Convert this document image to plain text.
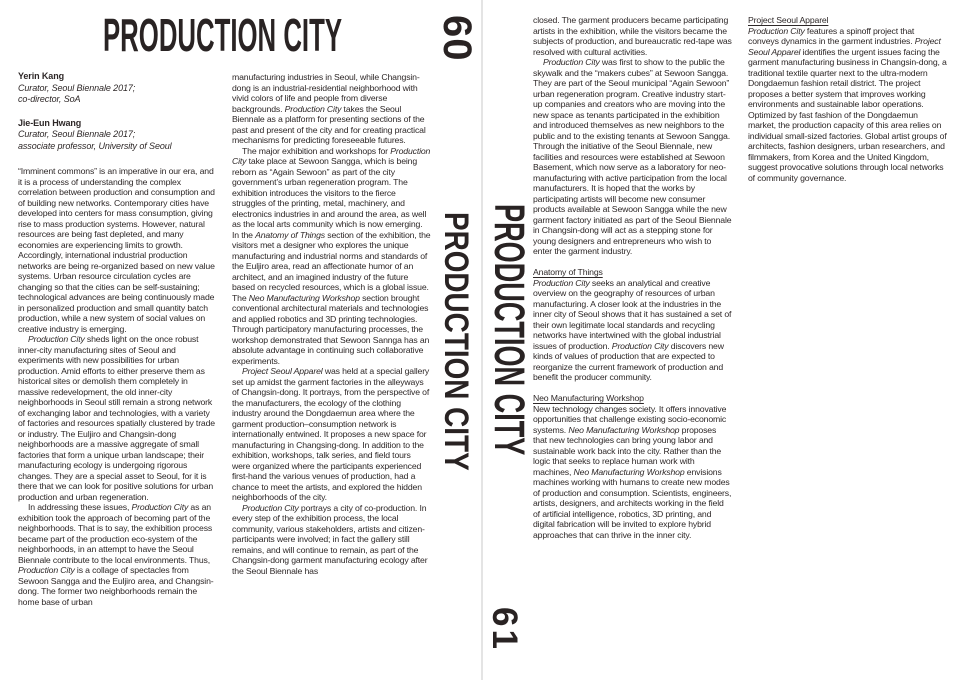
PRODUCTION CITY	60
PRODUCTION CITY PRODUCTION CITY
61
Yerin Kang
Curator, Seoul Biennale 2017;
co-director, SoA
Jie-Eun Hwang
Curator, Seoul Biennale 2017;
associate professor, University of Seoul

“Imminent commons” is an imperative in our era, and it is a process of understanding the complex correlation between production and consumption and of building new networks. Contemporary cities have developed into centers for mass consumption, giving rise to mass production systems. However, natural resources are being fast depleted, and many economies are experiencing limits to growth. Accordingly, international industrial production networks are being re-organized based on new value systems. Urban resource circulation cycles are changing so that the cities can be self-sustaining; technological advances are being continuously made in personalized production and small quantity batch production, while a new system of social values on creative industry is emerging.

Production City sheds light on the once robust inner-city manufacturing sites of Seoul and experiments with new possibilities for urban production. Amid efforts to either preserve them as historical sites or demolish them completely in massive redevelopment, the old inner-city neighborhoods in Seoul still remain a strong network of exchanging labor and technologies, with a variety of factories and resources spatially clustered by trade or industry. The Euljiro and Changsin-dong neighborhoods are a massive aggregate of small factories that form a unique urban landscape; their manufacturing ecology is undergoing rigorous changes. They are a special asset to Seoul, for it is there that we can look for positive solutions for urban production and urban regeneration.

In addressing these issues, Production City as an exhibition took the approach of becoming part of the neighborhoods. That is to say, the exhibition process became part of the production eco-system of the neighborhoods, in an attempt to have the Seoul Biennale contribute to the local environments. Thus, Production City is a collage of spectacles from Sewoon Sangga and the Euljiro area, and Changsin-dong. The former two neighborhoods remain the home base of urban

manufacturing industries in Seoul, while Changsin-dong is an industrial-residential neighborhood with vivid colors of life and people from diverse backgrounds. Production City takes the Seoul Biennale as a platform for presenting sections of the past and present of the city and for creating practical mechanisms for predicting foreseeable futures.

The major exhibition and workshops for Production City take place at Sewoon Sangga, which is being reborn as “Again Sewoon” as part of the city government’s urban regeneration program. The exhibition introduces the visitors to the fierce struggles of the printing, metal, machinery, and electronics industries in and around the area, as well as the local arts community which is now emerging. In the Anatomy of Things section of the exhibition, the visitors met a designer who explores the unique manufacturing and industrial norms and standards of the Euljiro area, read an affectionate humor of an architect, and an imagined industry of the future based on recycled resources, which is a global issue. The Neo Manufacturing Workshop section brought conventional architectural materials and technologies and applied robotics and 3D printing technologies. Through participatory manufacturing processes, the workshop demonstrated that Sewoon Sannga has an absolute advantage in continuing such collaborative experiments.

Project Seoul Apparel was held at a special gallery set up amidst the garment factories in the alleyways of Changsin-dong. It portrays, from the perspective of the manufacturers, the ecology of the clothing industry around the Dongdaemun area where the garment production–consumption network is internationally entwined. It proposes a new space for manufacturing in Changsing-dong. In addition to the exhibition, workshops, talk series, and field tours were organized where the participants experienced first-hand the various venues of production, had a chance to meet the artists, and explored the hidden neighborhoods of the city.

Production City portrays a city of co-production. In every step of the exhibition process, the local community, various stakeholders, artists and citizen-participants were involved; in fact the gallery still remains, and will continue to remain, as part of the Changsin-dong garment manufacturing ecology after the Seoul Biennale has

closed. The garment producers became participating artists in the exhibition, while the visitors became the subjects of production, and bureaucratic red-tape was resolved with cultural activities.

Production City was first to show to the public the skywalk and the “makers cubes” at Sewoon Sangga. They are part of the Seoul municipal “Again Sewoon” urban regeneration program. Creative industry start-up companies and creators who are moving into the new space as tenants participated in the exhibition and introduced themselves as new neighbors to the public and to the existing tenants at Sewoon Sangga. Through the initiative of the Seoul Biennale, new facilities and resources were established at Sewoon Basement, which now serve as a laboratory for neo-manufacturing with active participation from the local manufacturers. It is hoped that the works by participating artists will become new consumer products available at Sewoon Sangga while the new garment factory initiated as part of the Seoul Biennale in Changsin-dong will act as a stepping stone for young designers and entrepreneurs who wish to enter the garment industry.

Anatomy of Things

Production City seeks an analytical and creative overview on the geography of resources of urban manufacturing. A closer look at the industries in the inner city of Seoul shows that it has sustained a set of their own legitimate local standards and recycling networks have intertwined with the global industrial issues of production. Production City discovers new kinds of values of production that are expected to reorganize the current framework of production and benefit the producer community.

Neo Manufacturing Workshop

New technology changes society. It offers innovative opportunities that challenge existing socio-economic systems. Neo Manufacturing Workshop proposes that new technologies can bring young labor and sustainable work back into the city. Rather than the logic that seeks to replace human work with machines, Neo Manufacturing Workshop envisions machines working with humans to create new modes of production and consumption. Scientists, engineers, artists, designers, and architects working in the field of artificial intelligence, robotics, 3D printing, and digital fabrication will be invited to explore hybrid approaches that can thrive in the inner city.

Project Seoul Apparel

Production City features a spinoff project that conveys dynamics in the garment industries. Project Seoul Apparel identifies the urgent issues facing the garment manufacturing business in Changsin-dong, a traditional textile quarter next to the ultra-modern Dongdaemun fashion retail district. The project proposes a better system that improves working environments and sustainable labor operations. Optimized by fast fashion of the Dongdaemun market, the production capacity of this area relies on individual small-sized factories. Global artist groups of architects, fashion designers, urban researchers, and filmmakers, from Korea and the United Kingdom, suggest provocative solutions through local networks of community governance.
